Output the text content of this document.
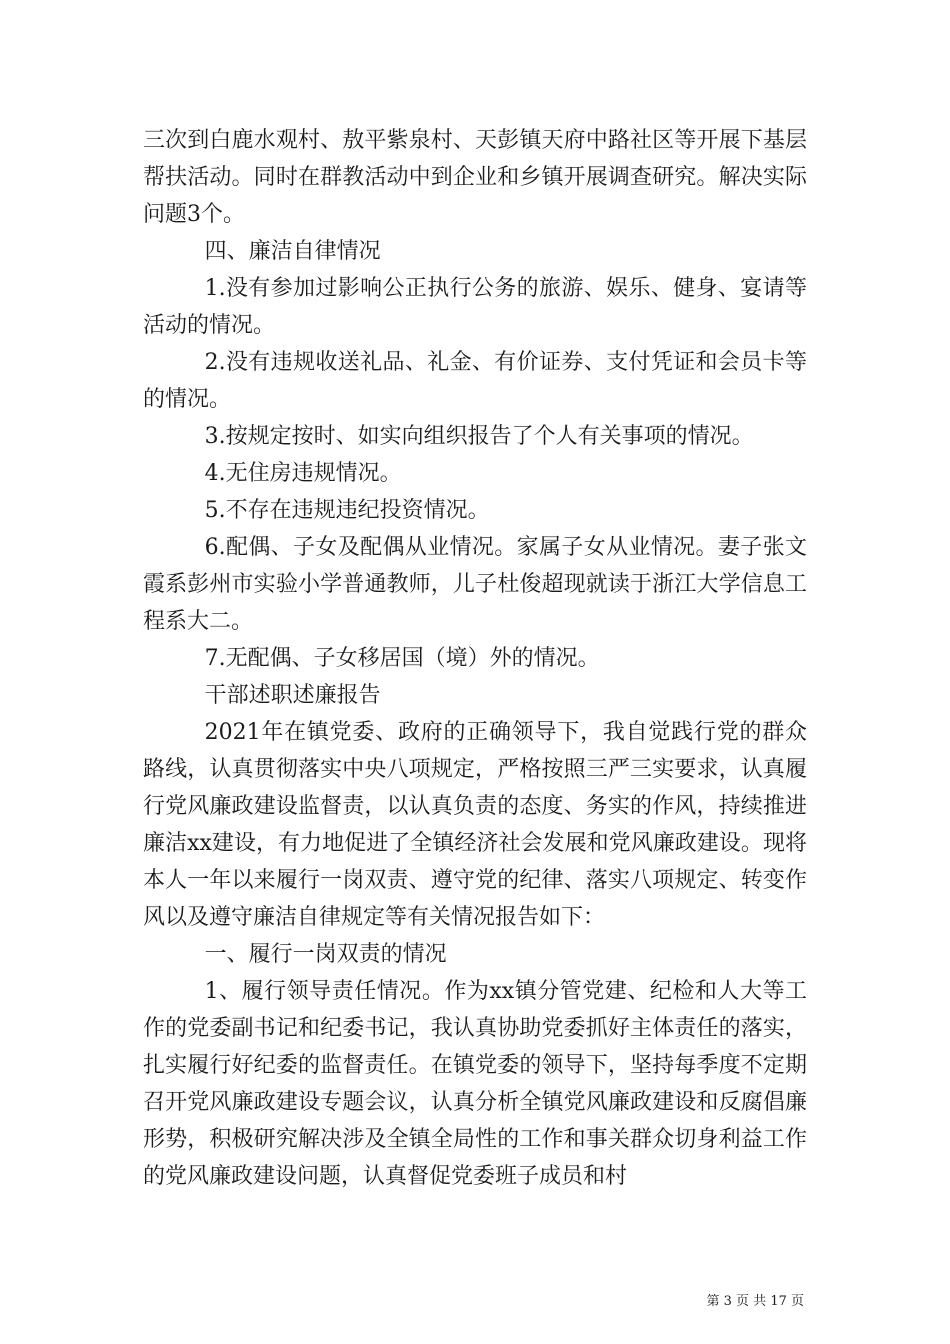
三次到白鹿水观村、敖平紫泉村、天彭镇天府中路社区等开展下基层帮扶活动。同时在群教活动中到企业和乡镇开展调查研究。解决实际问题3个。

四、廉洁自律情况

1.没有参加过影响公正执行公务的旅游、娱乐、健身、宴请等活动的情况。

2.没有违规收送礼品、礼金、有价证券、支付凭证和会员卡等的情况。

3.按规定按时、如实向组织报告了个人有关事项的情况。

4.无住房违规情况。

5.不存在违规违纪投资情况。

6.配偶、子女及配偶从业情况。家属子女从业情况。妻子张文霞系彭州市实验小学普通教师，儿子杜俊超现就读于浙江大学信息工程系大二。

7.无配偶、子女移居国（境）外的情况。

干部述职述廉报告

2021年在镇党委、政府的正确领导下，我自觉践行党的群众路线，认真贯彻落实中央八项规定，严格按照三严三实要求，认真履行党风廉政建设监督责，以认真负责的态度、务实的作风，持续推进廉洁xx建设，有力地促进了全镇经济社会发展和党风廉政建设。现将本人一年以来履行一岗双责、遵守党的纪律、落实八项规定、转变作风以及遵守廉洁自律规定等有关情况报告如下：

一、履行一岗双责的情况

1、履行领导责任情况。作为xx镇分管党建、纪检和人大等工作的党委副书记和纪委书记，我认真协助党委抓好主体责任的落实，扎实履行好纪委的监督责任。在镇党委的领导下，坚持每季度不定期召开党风廉政建设专题会议，认真分析全镇党风廉政建设和反腐倡廉形势，积极研究解决涉及全镇全局性的工作和事关群众切身利益工作的党风廉政建设问题，认真督促党委班子成员和村

第 3 页 共 17 页
